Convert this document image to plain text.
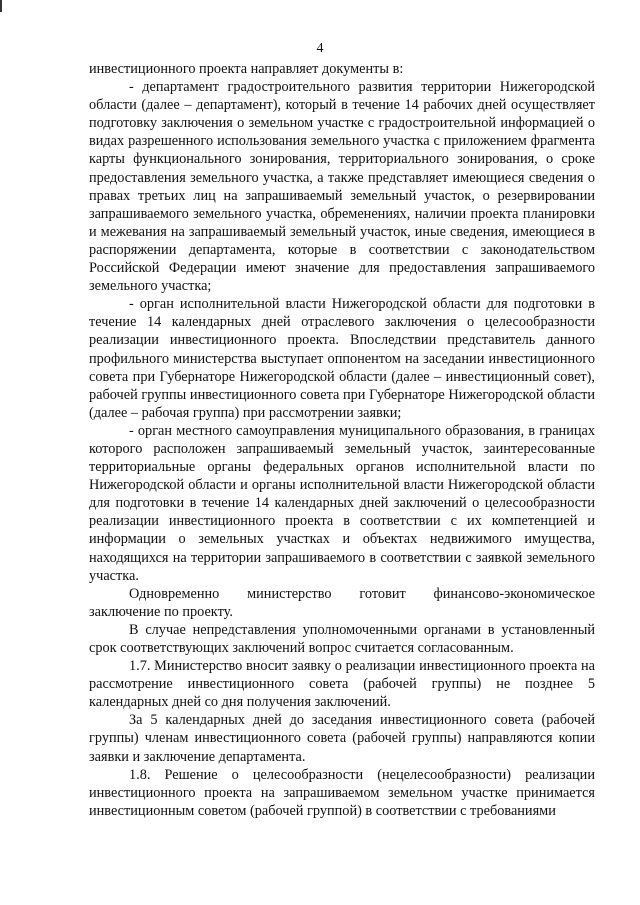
4

инвестиционного проекта направляет документы в:

- департамент градостроительного развития территории Нижегородской области (далее – департамент), который в течение 14 рабочих дней осуществляет подготовку заключения о земельном участке с градостроительной информацией о видах разрешенного использования земельного участка с приложением фрагмента карты функционального зонирования, территориального зонирования, о сроке предоставления земельного участка, а также представляет имеющиеся сведения о правах третьих лиц на запрашиваемый земельный участок, о резервировании запрашиваемого земельного участка, обременениях, наличии проекта планировки и межевания на запрашиваемый земельный участок, иные сведения, имеющиеся в распоряжении департамента, которые в соответствии с законодательством Российской Федерации имеют значение для предоставления запрашиваемого земельного участка;

- орган исполнительной власти Нижегородской области для подготовки в течение 14 календарных дней отраслевого заключения о целесообразности реализации инвестиционного проекта. Впоследствии представитель данного профильного министерства выступает оппонентом на заседании инвестиционного совета при Губернаторе Нижегородской области (далее – инвестиционный совет), рабочей группы инвестиционного совета при Губернаторе Нижегородской области (далее – рабочая группа) при рассмотрении заявки;

- орган местного самоуправления муниципального образования, в границах которого расположен запрашиваемый земельный участок, заинтересованные территориальные органы федеральных органов исполнительной власти по Нижегородской области и органы исполнительной власти Нижегородской области для подготовки в течение 14 календарных дней заключений о целесообразности реализации инвестиционного проекта в соответствии с их компетенцией и информации о земельных участках и объектах недвижимого имущества, находящихся на территории запрашиваемого в соответствии с заявкой земельного участка.

Одновременно министерство готовит финансово-экономическое заключение по проекту.

В случае непредставления уполномоченными органами в установленный срок соответствующих заключений вопрос считается согласованным.

1.7. Министерство вносит заявку о реализации инвестиционного проекта на рассмотрение инвестиционного совета (рабочей группы) не позднее 5 календарных дней со дня получения заключений.

За 5 календарных дней до заседания инвестиционного совета (рабочей группы) членам инвестиционного совета (рабочей группы) направляются копии заявки и заключение департамента.

1.8. Решение о целесообразности (нецелесообразности) реализации инвестиционного проекта на запрашиваемом земельном участке принимается инвестиционным советом (рабочей группой) в соответствии с требованиями
